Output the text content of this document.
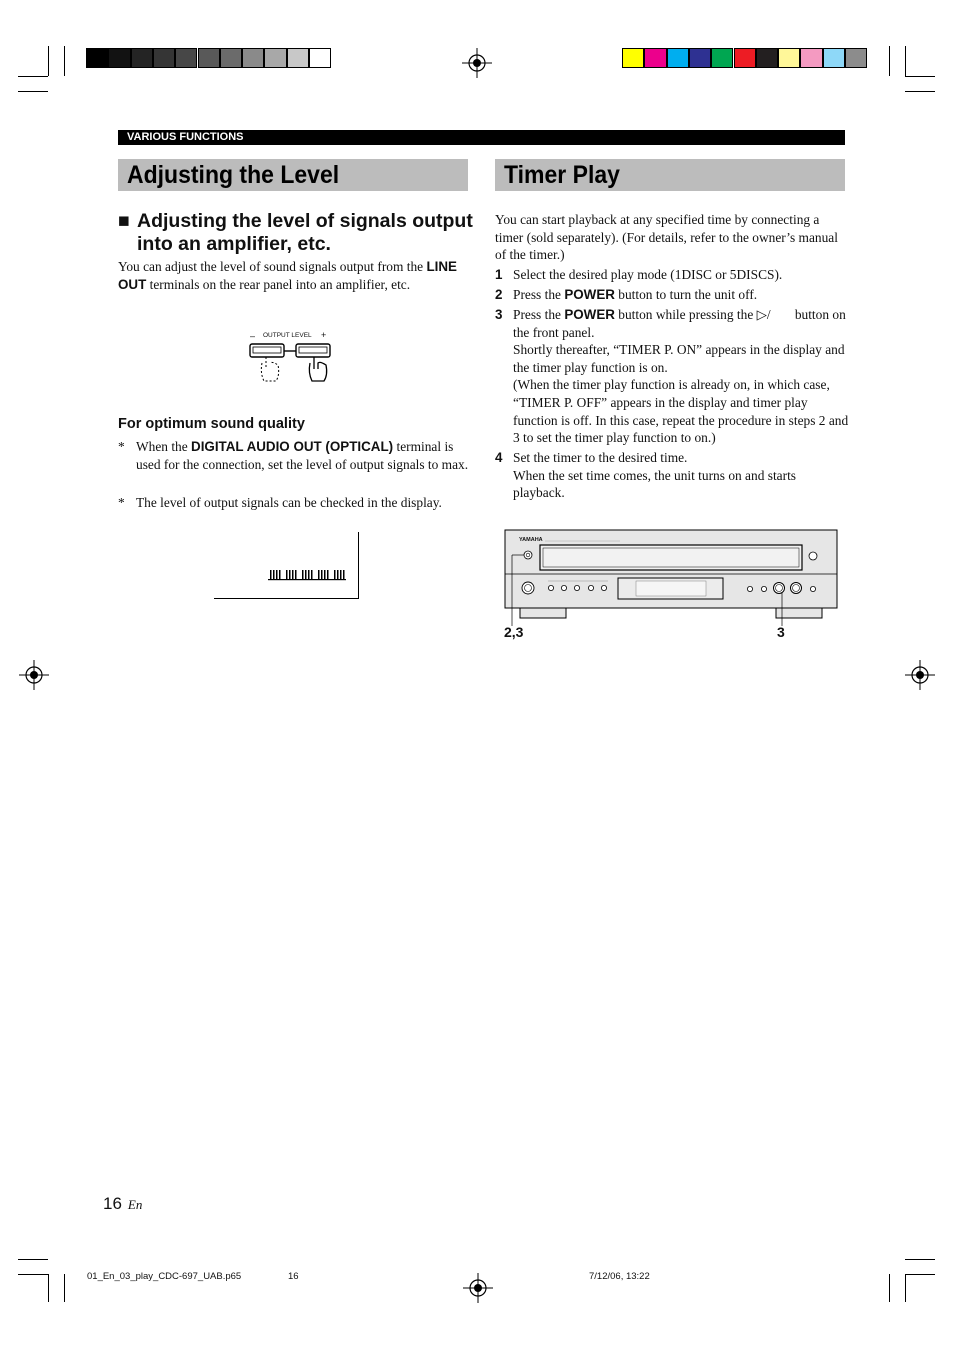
VARIOUS FUNCTIONS
Adjusting the Level	Timer Play
■ Adjusting the level of signals output into an amplifier, etc.
You can adjust the level of sound signals output from the LINE OUT terminals on the rear panel into an amplifier, etc.
– OUTPUT LEVEL +
For optimum sound quality
* When the DIGITAL AUDIO OUT (OPTICAL) terminal is used for the connection, set the level of output signals to max.
* The level of output signals can be checked in the display.
You can start playback at any specified time by connecting a timer (sold separately). (For details, refer to the owner’s manual of the timer.)
1 Select the desired play mode (1DISC or 5DISCS).
2 Press the POWER button to turn the unit off.
3 Press the POWER button while pressing the ▷/⃞⃞ button on the front panel.
Shortly thereafter, “TIMER P. ON” appears in the display and the timer play function is on.
(When the timer play function is already on, in which case, “TIMER P. OFF” appears in the display and timer play function is off. In this case, repeat the procedure in steps 2 and 3 to set the timer play function to on.)
4 Set the timer to the desired time.
When the set time comes, the unit turns on and starts playback.
YAMAHA
2,3	3
16 En
01_En_03_play_CDC-697_UAB.p65	16	7/12/06, 13:22
